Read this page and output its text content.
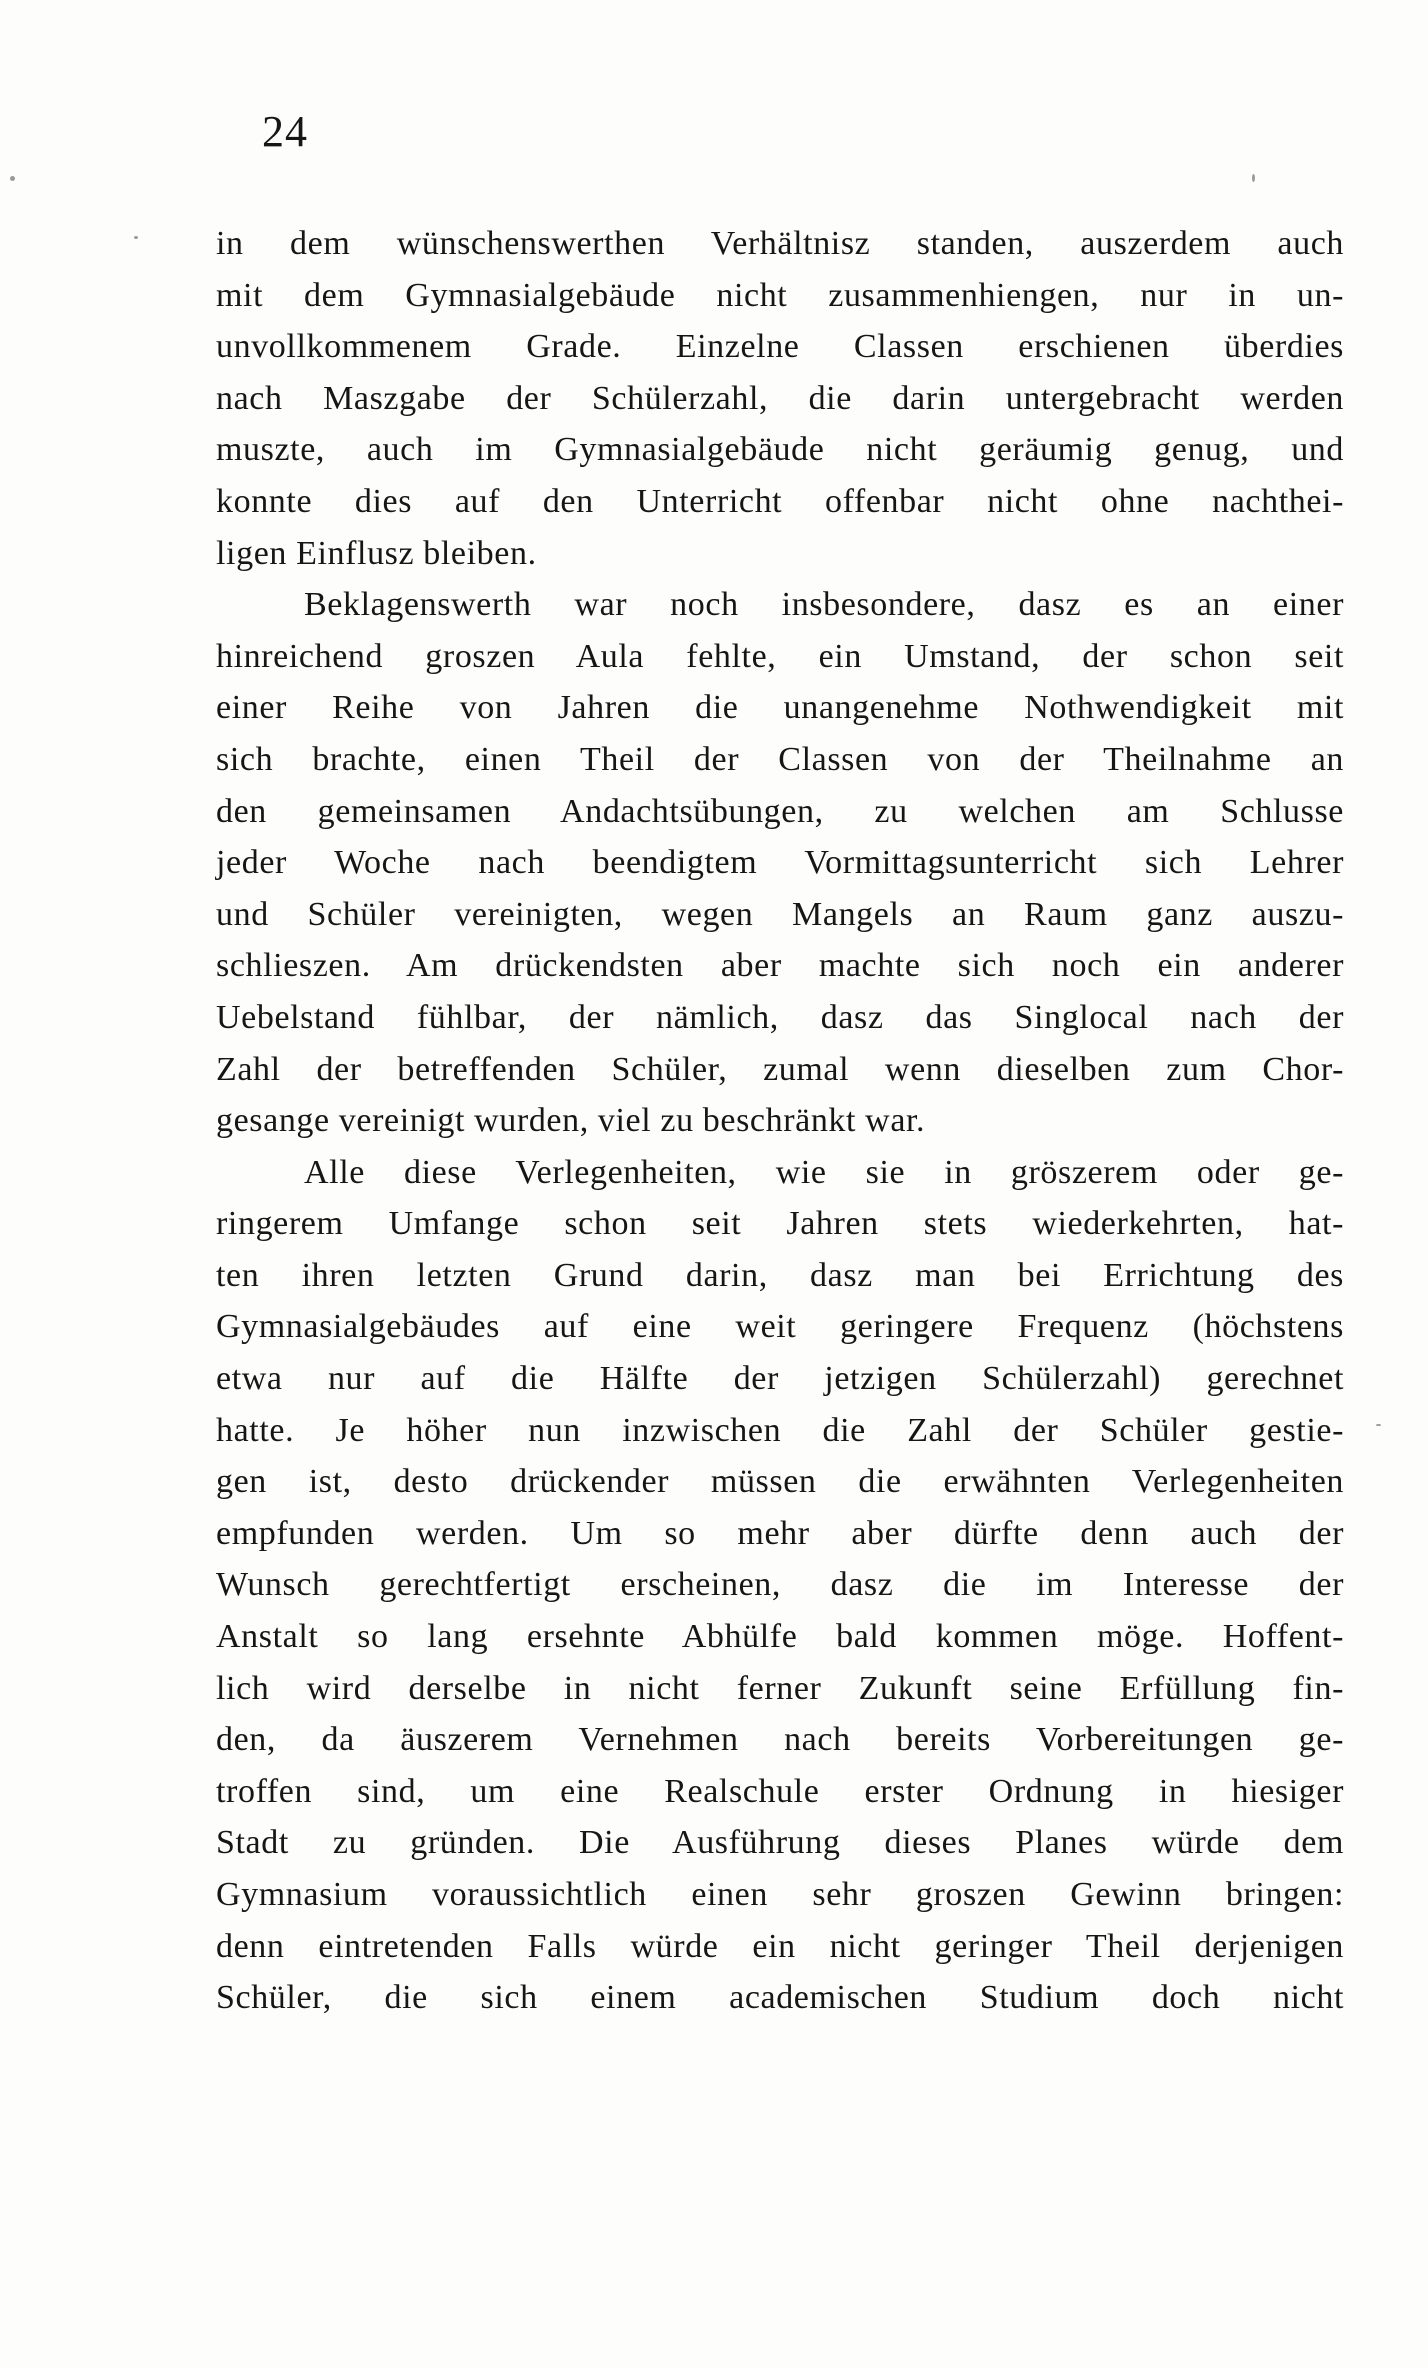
24
in dem wünschenswerthen Verhältnisz standen, auszerdem auch
mit dem Gymnasialgebäude nicht zusammenhiengen, nur in un-
unvollkommenem Grade. Einzelne Classen erschienen überdies
nach Maszgabe der Schülerzahl, die darin untergebracht werden
muszte, auch im Gymnasialgebäude nicht geräumig genug, und
konnte dies auf den Unterricht offenbar nicht ohne nachthei-
ligen Einflusz bleiben.
Beklagenswerth war noch insbesondere, dasz es an einer
hinreichend groszen Aula fehlte, ein Umstand, der schon seit
einer Reihe von Jahren die unangenehme Nothwendigkeit mit
sich brachte, einen Theil der Classen von der Theilnahme an
den gemeinsamen Andachtsübungen, zu welchen am Schlusse
jeder Woche nach beendigtem Vormittagsunterricht sich Lehrer
und Schüler vereinigten, wegen Mangels an Raum ganz auszu-
schlieszen. Am drückendsten aber machte sich noch ein anderer
Uebelstand fühlbar, der nämlich, dasz das Singlocal nach der
Zahl der betreffenden Schüler, zumal wenn dieselben zum Chor-
gesange vereinigt wurden, viel zu beschränkt war.
Alle diese Verlegenheiten, wie sie in gröszerem oder ge-
ringerem Umfange schon seit Jahren stets wiederkehrten, hat-
ten ihren letzten Grund darin, dasz man bei Errichtung des
Gymnasialgebäudes auf eine weit geringere Frequenz (höchstens
etwa nur auf die Hälfte der jetzigen Schülerzahl) gerechnet
hatte. Je höher nun inzwischen die Zahl der Schüler gestie-
gen ist, desto drückender müssen die erwähnten Verlegenheiten
empfunden werden. Um so mehr aber dürfte denn auch der
Wunsch gerechtfertigt erscheinen, dasz die im Interesse der
Anstalt so lang ersehnte Abhülfe bald kommen möge. Hoffent-
lich wird derselbe in nicht ferner Zukunft seine Erfüllung fin-
den, da äuszerem Vernehmen nach bereits Vorbereitungen ge-
troffen sind, um eine Realschule erster Ordnung in hiesiger
Stadt zu gründen. Die Ausführung dieses Planes würde dem
Gymnasium voraussichtlich einen sehr groszen Gewinn bringen:
denn eintretenden Falls würde ein nicht geringer Theil derjenigen
Schüler, die sich einem academischen Studium doch nicht
